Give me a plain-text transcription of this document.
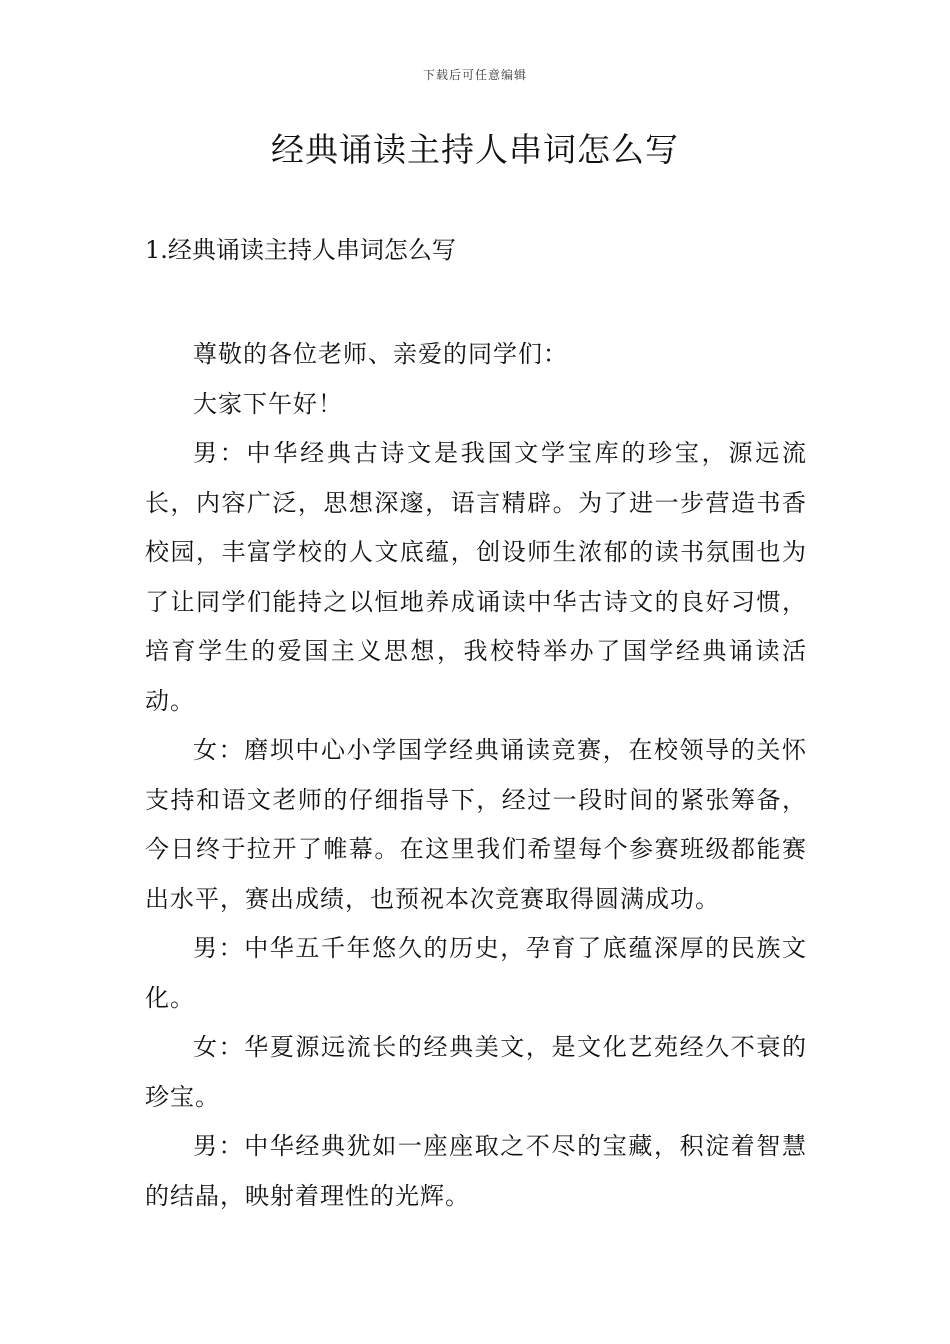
下载后可任意编辑
经典诵读主持人串词怎么写
1.经典诵读主持人串词怎么写

尊敬的各位老师、亲爱的同学们：

大家下午好！

男：中华经典古诗文是我国文学宝库的珍宝，源远流长，内容广泛，思想深邃，语言精辟。为了进一步营造书香校园，丰富学校的人文底蕴，创设师生浓郁的读书氛围也为了让同学们能持之以恒地养成诵读中华古诗文的良好习惯，培育学生的爱国主义思想，我校特举办了国学经典诵读活动。

女：磨坝中心小学国学经典诵读竞赛，在校领导的关怀支持和语文老师的仔细指导下，经过一段时间的紧张筹备，今日终于拉开了帷幕。在这里我们希望每个参赛班级都能赛出水平，赛出成绩，也预祝本次竞赛取得圆满成功。

男：中华五千年悠久的历史，孕育了底蕴深厚的民族文化。

女：华夏源远流长的经典美文，是文化艺苑经久不衰的珍宝。

男：中华经典犹如一座座取之不尽的宝藏，积淀着智慧的结晶，映射着理性的光辉。
